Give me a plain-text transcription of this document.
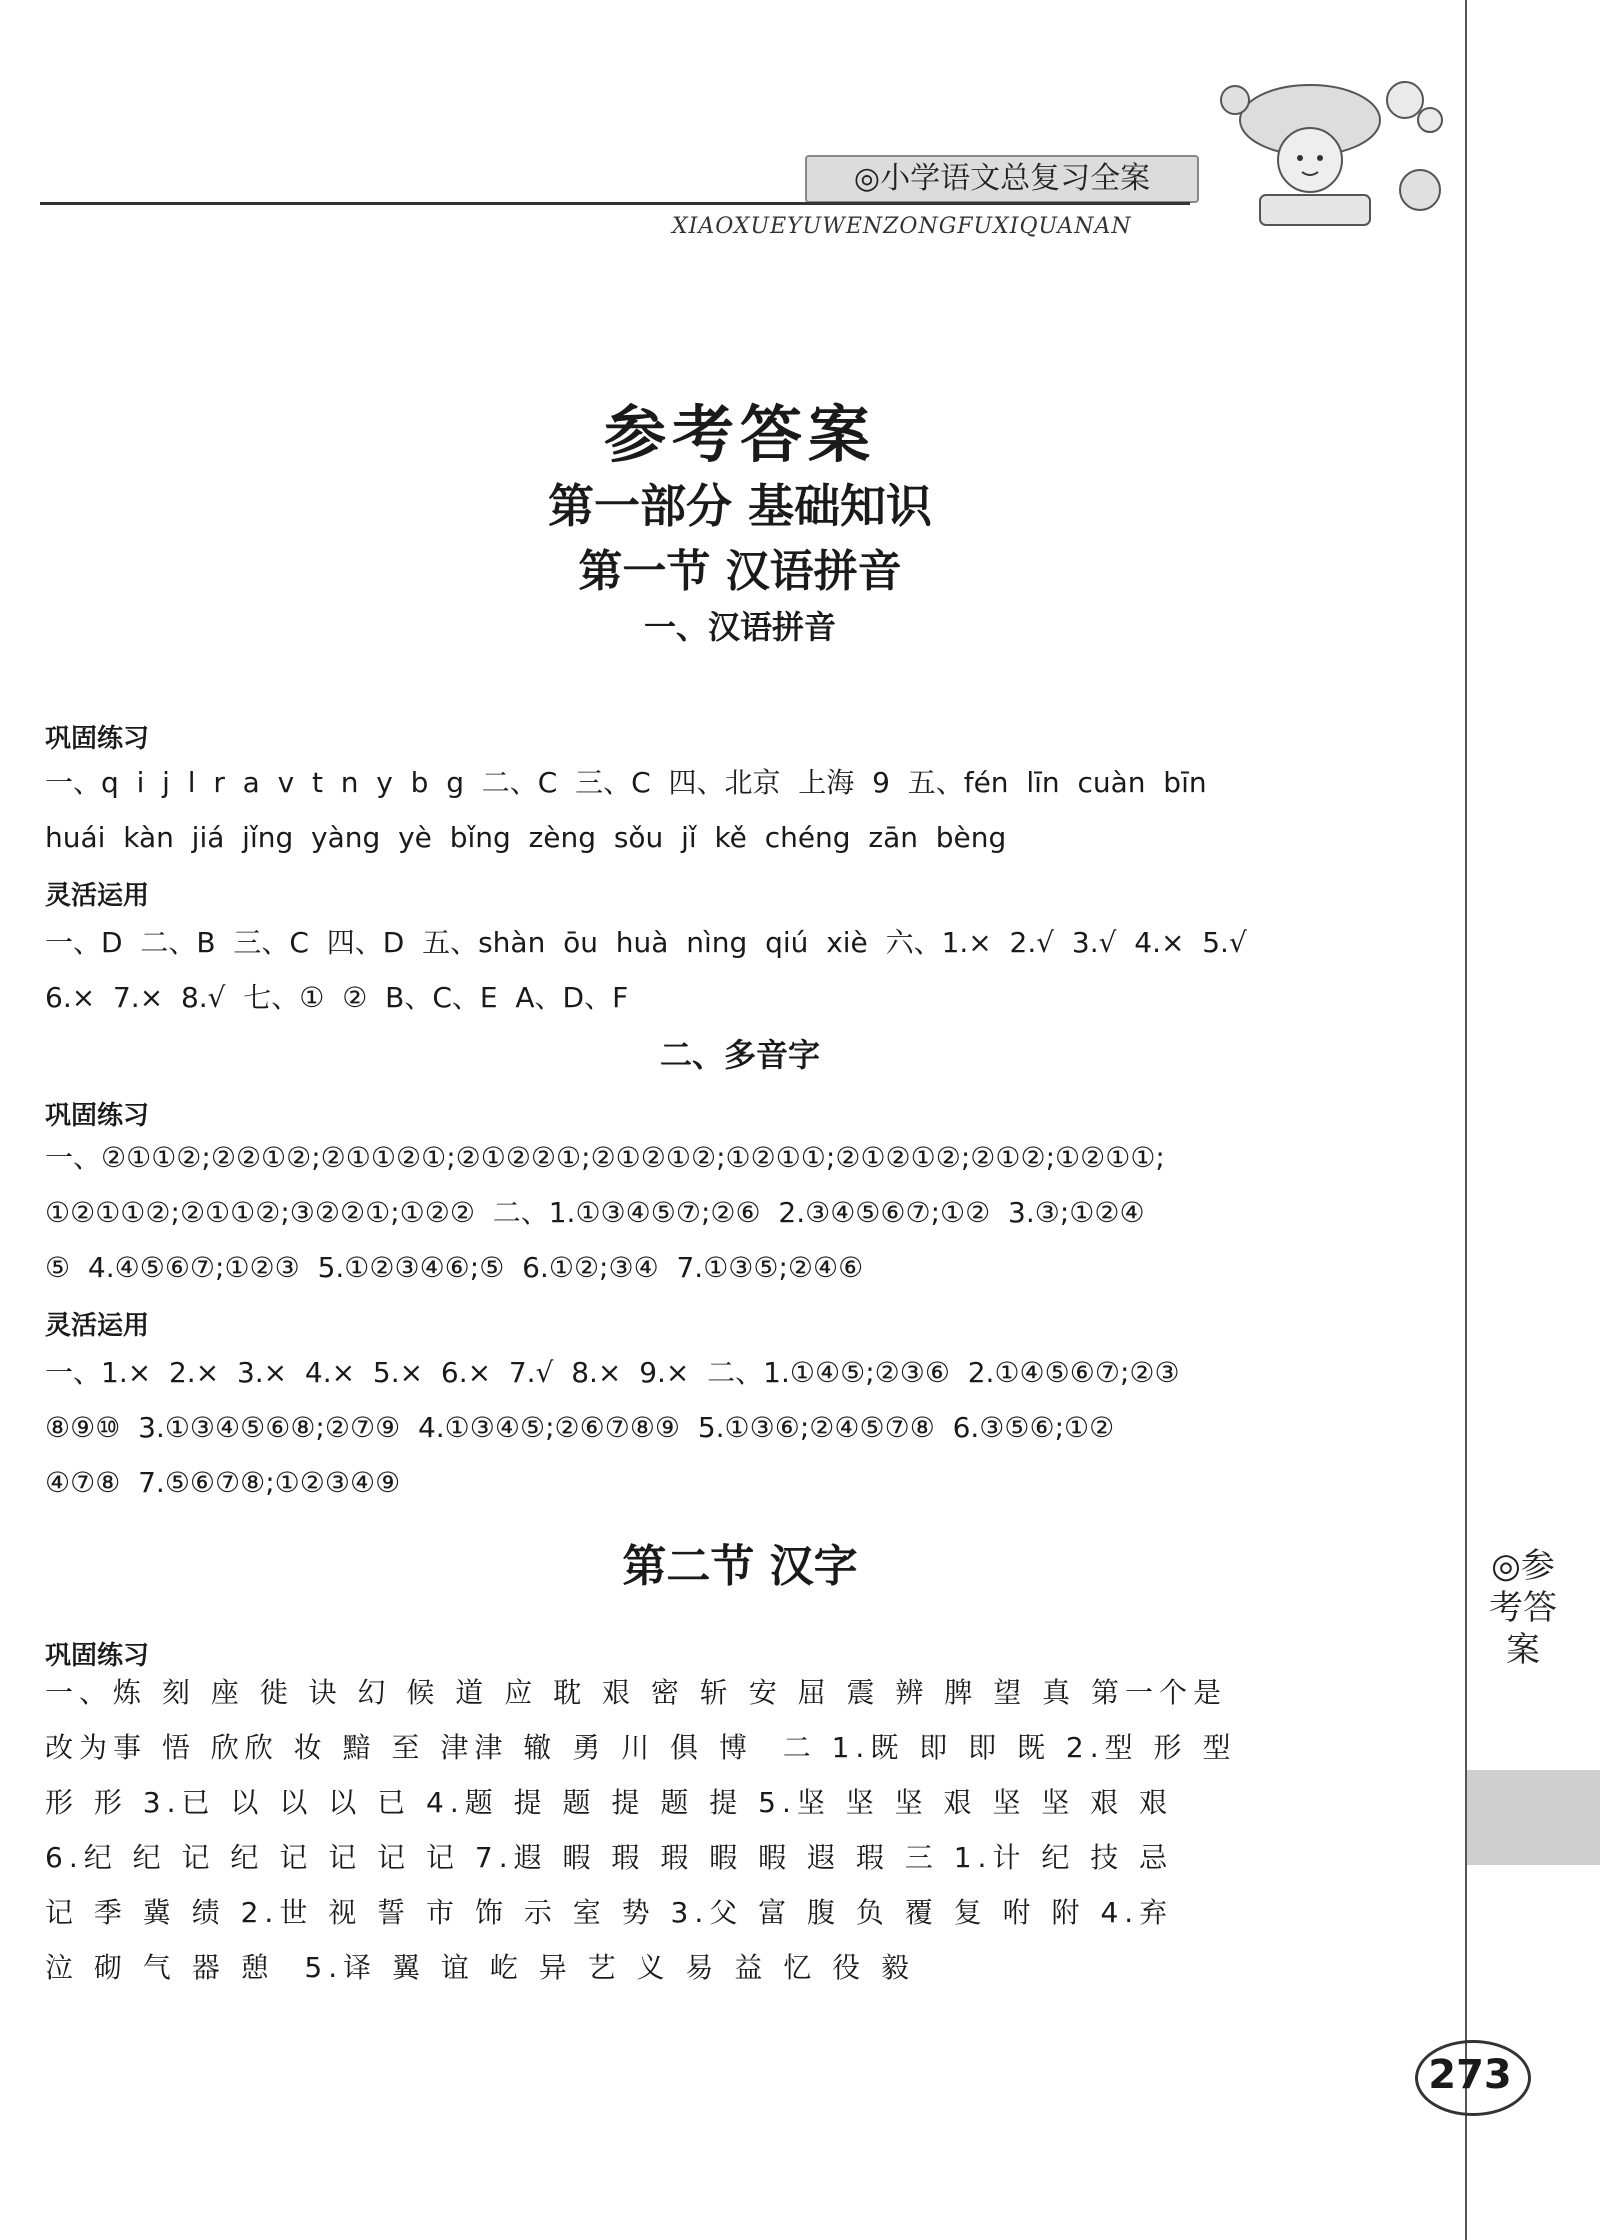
◎小学语文总复习全案
XIAOXUEYUWENZONGFUXIQUANAN
参考答案
第一部分 基础知识
第一节 汉语拼音
一、汉语拼音
巩固练习
一、q  i  j  l  r  a  v  t  n  y  b  g  二、C  三、C  四、北京  上海  9  五、fén  līn  cuàn  bīn
huái  kàn  jiá  jǐng  yàng  yè  bǐng  zèng  sǒu  jǐ  kě  chéng  zān  bèng
灵活运用
一、D  二、B  三、C  四、D  五、shàn  ōu  huà  nìng  qiú  xiè  六、1.×  2.√  3.√  4.×  5.√
6.×  7.×  8.√  七、①  ②  B、C、E  A、D、F
二、多音字
巩固练习
一、②①①②;②②①②;②①①②①;②①②②①;②①②①②;①②①①;②①②①②;②①②;①②①①;
①②①①②;②①①②;③②②①;①②②  二、1.①③④⑤⑦;②⑥  2.③④⑤⑥⑦;①②  3.③;①②④
⑤  4.④⑤⑥⑦;①②③  5.①②③④⑥;⑤  6.①②;③④  7.①③⑤;②④⑥
灵活运用
一、1.×  2.×  3.×  4.×  5.×  6.×  7.√  8.×  9.×  二、1.①④⑤;②③⑥  2.①④⑤⑥⑦;②③
⑧⑨⑩  3.①③④⑤⑥⑧;②⑦⑨  4.①③④⑤;②⑥⑦⑧⑨  5.①③⑥;②④⑤⑦⑧  6.③⑤⑥;①②
④⑦⑧  7.⑤⑥⑦⑧;①②③④⑨
第二节 汉字
巩固练习
一、炼 刻 座 徙 诀 幻 候 道 应 耽 艰 密 斩 安 屈 震 辨 脾 望 真 第一个是
改为事 悟 欣欣 妆 黯 至 津津 辙 勇 川 俱 博  二 1.既 即 即 既 2.型 形 型
形 形 3.已 以 以 以 已 4.题 提 题 提 题 提 5.坚 坚 坚 艰 坚 坚 艰 艰
6.纪 纪 记 纪 记 记 记 记 7.遐 暇 瑕 瑕 暇 暇 遐 瑕 三 1.计 纪 技 忌
记 季 冀 绩 2.世 视 誓 市 饰 示 室 势 3.父 富 腹 负 覆 复 咐 附 4.弃
泣 砌 气 器 憩  5.译 翼 谊 屹 异 艺 义 易 益 忆 役 毅
◎参考答案
273
